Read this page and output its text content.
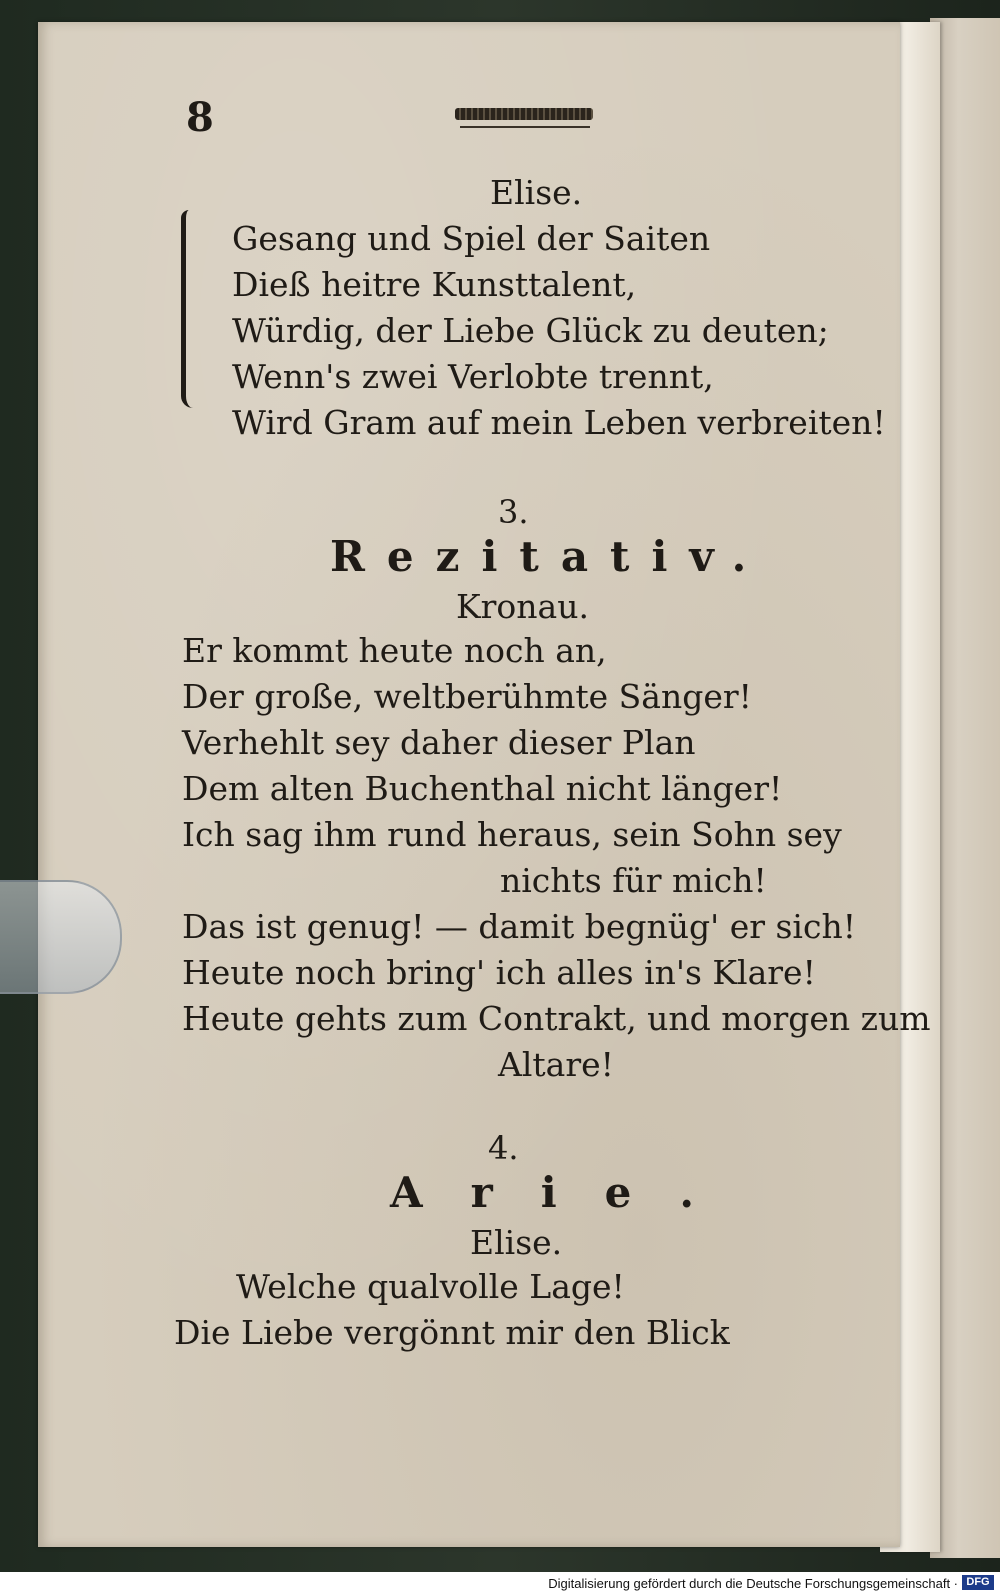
8
Elise.
Gesang und Spiel der Saiten
Dieß heitre Kunsttalent,
Würdig, der Liebe Glück zu deuten;
Wenn's zwei Verlobte trennt,
Wird Gram auf mein Leben verbreiten!
3.
Rezitativ.
Kronau.
Er kommt heute noch an,
Der große, weltberühmte Sänger!
Verhehlt sey daher dieser Plan
Dem alten Buchenthal nicht länger!
Ich sag ihm rund heraus, sein Sohn sey
nichts für mich!
Das ist genug! — damit begnüg' er sich!
Heute noch bring' ich alles in's Klare!
Heute gehts zum Contrakt, und morgen zum
Altare!
4.
Arie.
Elise.
Welche qualvolle Lage!
Die Liebe vergönnt mir den Blick
Digitalisierung gefördert durch die Deutsche Forschungsgemeinschaft · DFG
